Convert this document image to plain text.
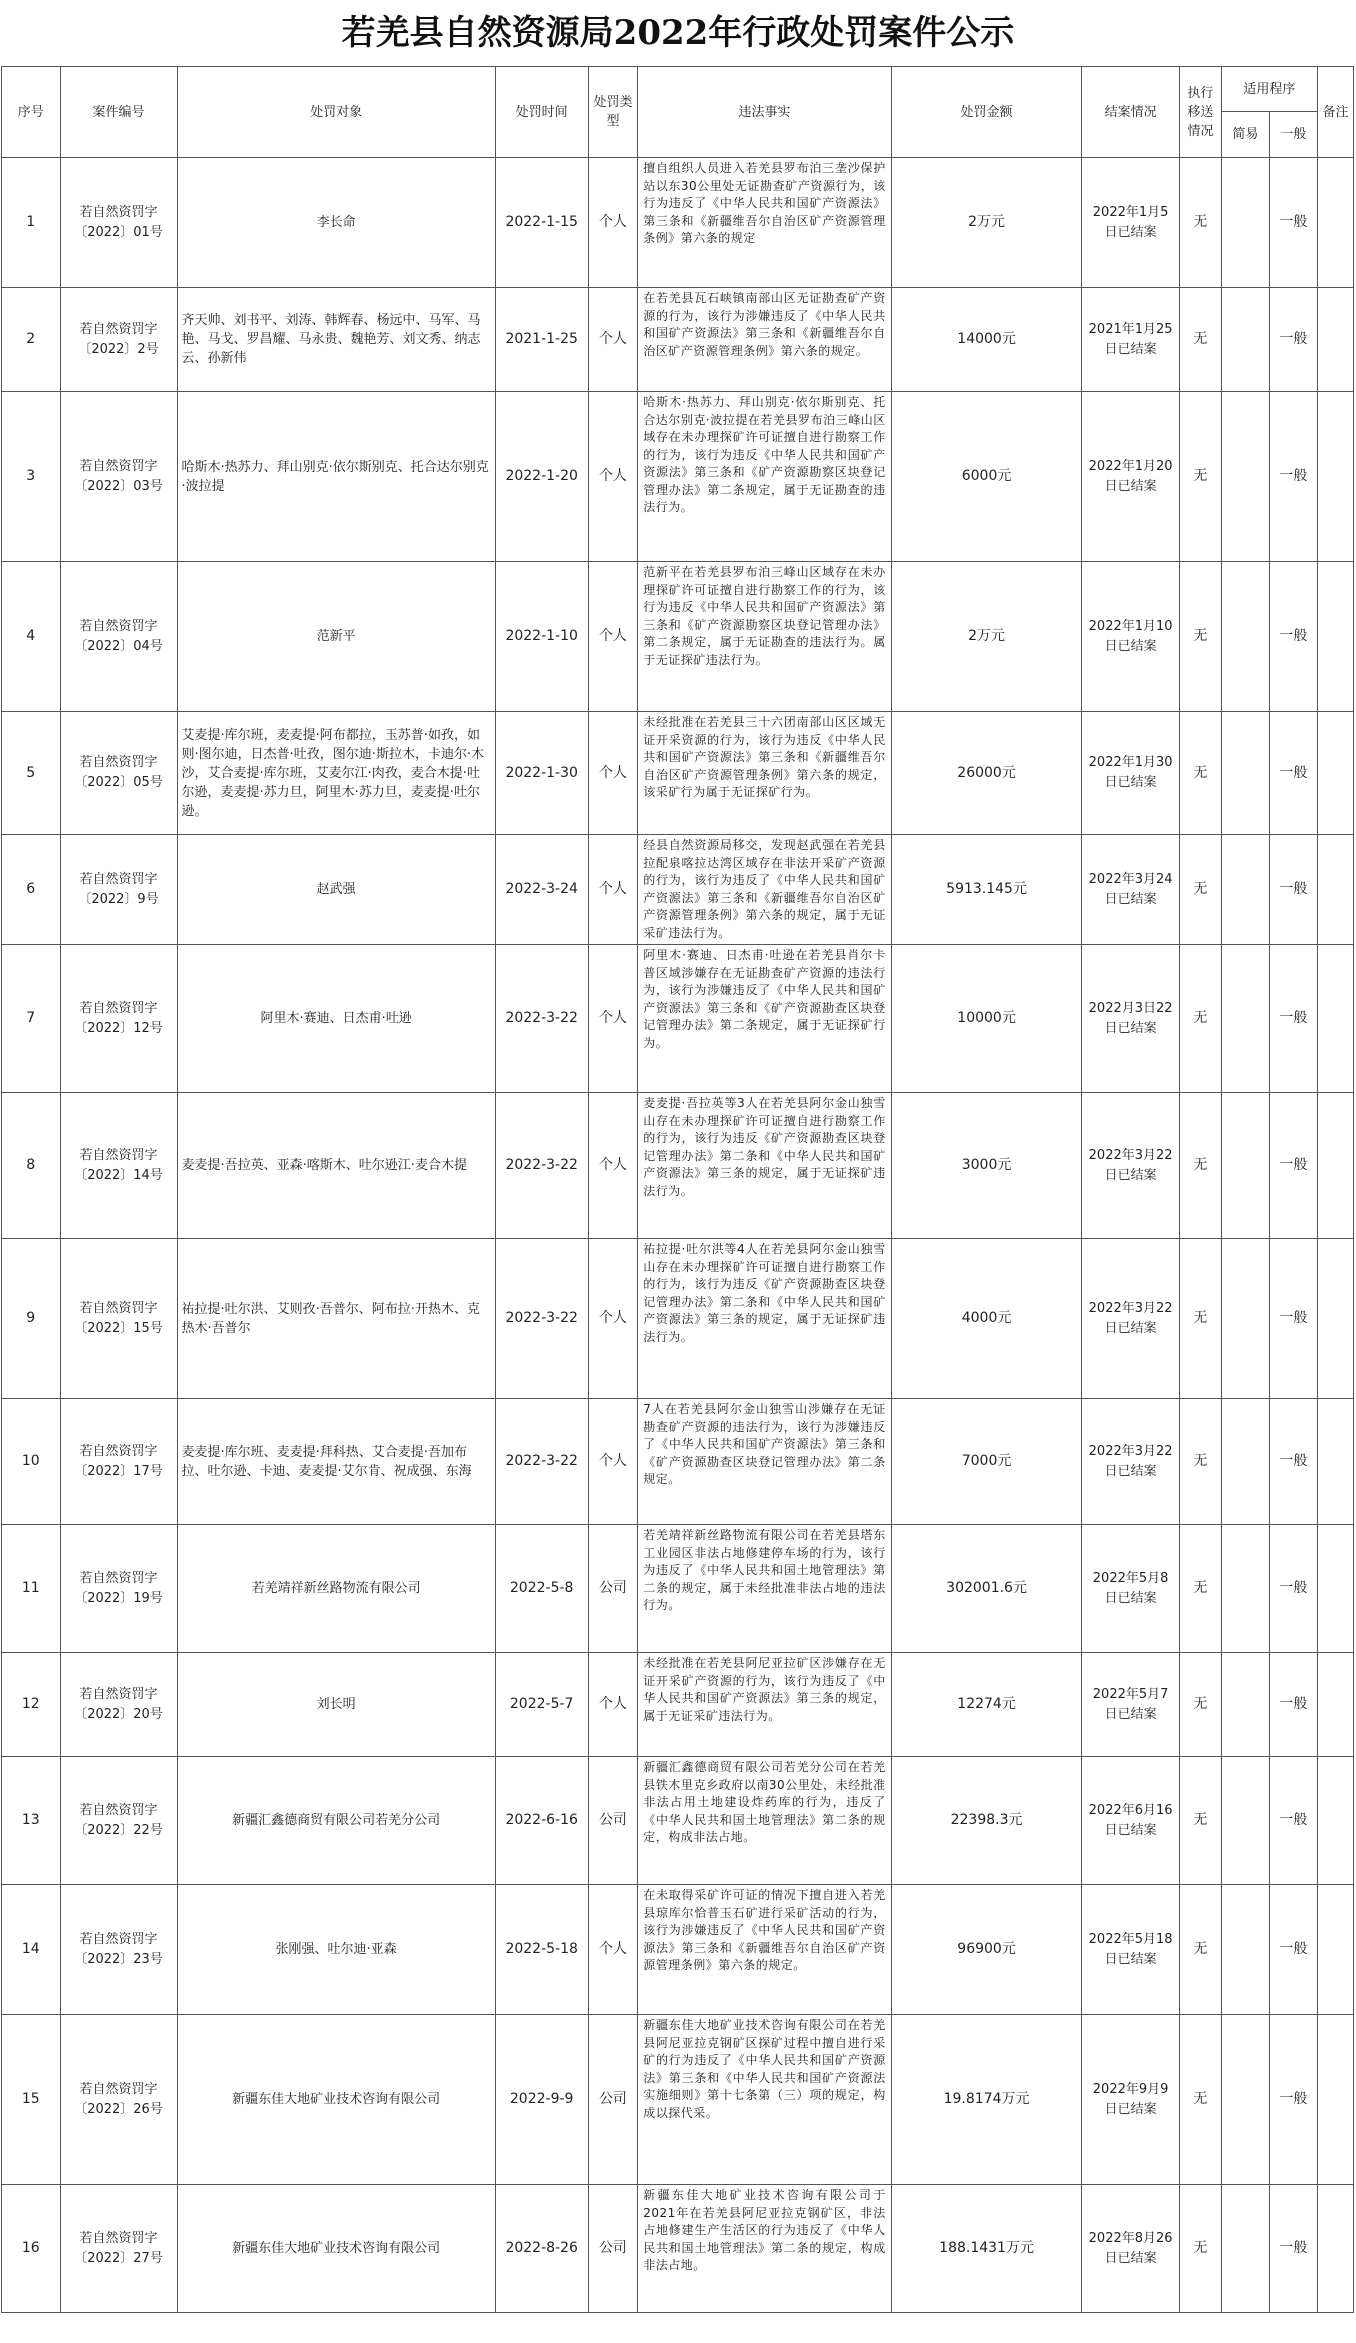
若羌县自然资源局2022年行政处罚案件公示
序号	案件编号	处罚对象	处罚时间	处罚类型	违法事实	处罚金额	结案情况	执行移送情况	适用程序		备注
									简易	一般	
1	若自然资罚字〔2022〕01号	李长命	2022-1-15	个人	擅自组织人员进入若羌县罗布泊三垄沙保护站以东30公里处无证勘查矿产资源行为，该行为违反了《中华人民共和国矿产资源法》第三条和《新疆维吾尔自治区矿产资源管理条例》第六条的规定	2万元	2022年1月5日已结案	无		一般	
2	若自然资罚字〔2022〕2号	齐天帅、刘书平、刘涛、韩辉春、杨远中、马军、马艳、马戈、罗昌耀、马永贵、魏艳芳、刘文秀、纳志云、孙新伟	2021-1-25	个人	在若羌县瓦石峡镇南部山区无证勘查矿产资源的行为，该行为涉嫌违反了《中华人民共和国矿产资源法》第三条和《新疆维吾尔自治区矿产资源管理条例》第六条的规定。	14000元	2021年1月25日已结案	无		一般	
3	若自然资罚字〔2022〕03号	哈斯木·热苏力、拜山别克·依尔斯别克、托合达尔别克·波拉提	2022-1-20	个人	哈斯木·热苏力、拜山别克·依尔斯别克、托合达尔别克·波拉提在若羌县罗布泊三峰山区域存在未办理探矿许可证擅自进行勘察工作的行为，该行为违反《中华人民共和国矿产资源法》第三条和《矿产资源勘察区块登记管理办法》第二条规定，属于无证勘查的违法行为。	6000元	2022年1月20日已结案	无		一般	
4	若自然资罚字〔2022〕04号	范新平	2022-1-10	个人	范新平在若羌县罗布泊三峰山区域存在未办理探矿许可证擅自进行勘察工作的行为，该行为违反《中华人民共和国矿产资源法》第三条和《矿产资源勘察区块登记管理办法》第二条规定，属于无证勘查的违法行为。属于无证探矿违法行为。	2万元	2022年1月10日已结案	无		一般	
5	若自然资罚字〔2022〕05号	艾麦提·库尔班，麦麦提·阿布都拉，玉苏普·如孜，如则·图尔迪，日杰普·吐孜，图尔迪·斯拉木，卡迪尔·木沙，艾合麦提·库尔班，艾麦尔江·肉孜，麦合木提·吐尔逊，麦麦提·苏力旦，阿里木·苏力旦，麦麦提·吐尔逊。	2022-1-30	个人	未经批准在若羌县三十六团南部山区区域无证开采资源的行为，该行为违反《中华人民共和国矿产资源法》第三条和《新疆维吾尔自治区矿产资源管理条例》第六条的规定，该采矿行为属于无证探矿行为。	26000元	2022年1月30日已结案	无		一般	
6	若自然资罚字〔2022〕9号	赵武强	2022-3-24	个人	经县自然资源局移交，发现赵武强在若羌县拉配泉喀拉达湾区域存在非法开采矿产资源的行为，该行为违反了《中华人民共和国矿产资源法》第三条和《新疆维吾尔自治区矿产资源管理条例》第六条的规定，属于无证采矿违法行为。	5913.145元	2022年3月24日已结案	无		一般	
7	若自然资罚字〔2022〕12号	阿里木·赛迪、日杰甫·吐逊	2022-3-22	个人	阿里木·赛迪、日杰甫·吐逊在若羌县肖尔卡普区域涉嫌存在无证勘查矿产资源的违法行为，该行为涉嫌违反了《中华人民共和国矿产资源法》第三条和《矿产资源勘查区块登记管理办法》第二条规定，属于无证探矿行为。	10000元	2022月3日22日已结案	无		一般	
8	若自然资罚字〔2022〕14号	麦麦提·吾拉英、亚森·喀斯木、吐尔逊江·麦合木提	2022-3-22	个人	麦麦提·吾拉英等3人在若羌县阿尔金山独雪山存在未办理探矿许可证擅自进行勘察工作的行为，该行为违反《矿产资源勘查区块登记管理办法》第二条和《中华人民共和国矿产资源法》第三条的规定，属于无证探矿违法行为。	3000元	2022年3月22日已结案	无		一般	
9	若自然资罚字〔2022〕15号	祐拉提·吐尔洪、艾则孜·吾普尔、阿布拉·开热木、克热木·吾普尔	2022-3-22	个人	祐拉提·吐尔洪等4人在若羌县阿尔金山独雪山存在未办理探矿许可证擅自进行勘察工作的行为，该行为违反《矿产资源勘查区块登记管理办法》第二条和《中华人民共和国矿产资源法》第三条的规定，属于无证探矿违法行为。	4000元	2022年3月22日已结案	无		一般	
10	若自然资罚字〔2022〕17号	麦麦提·库尔班、麦麦提·拜科热、艾合麦提·吾加布拉、吐尔逊、卡迪、麦麦提·艾尔肯、祝成强、东海	2022-3-22	个人	7人在若羌县阿尔金山独雪山涉嫌存在无证勘查矿产资源的违法行为，该行为涉嫌违反了《中华人民共和国矿产资源法》第三条和《矿产资源勘查区块登记管理办法》第二条规定。	7000元	2022年3月22日已结案	无		一般	
11	若自然资罚字〔2022〕19号	若羌靖祥新丝路物流有限公司	2022-5-8	公司	若羌靖祥新丝路物流有限公司在若羌县塔东工业园区非法占地修建停车场的行为，该行为违反了《中华人民共和国土地管理法》第二条的规定，属于未经批准非法占地的违法行为。	302001.6元	2022年5月8日已结案	无		一般	
12	若自然资罚字〔2022〕20号	刘长明	2022-5-7	个人	未经批准在若羌县阿尼亚拉矿区涉嫌存在无证开采矿产资源的行为，该行为违反了《中华人民共和国矿产资源法》第三条的规定，属于无证采矿违法行为。	12274元	2022年5月7日已结案	无		一般	
13	若自然资罚字〔2022〕22号	新疆汇鑫德商贸有限公司若羌分公司	2022-6-16	公司	新疆汇鑫德商贸有限公司若羌分公司在若羌县铁木里克乡政府以南30公里处，未经批准非法占用土地建设炸药库的行为，违反了《中华人民共和国土地管理法》第二条的规定，构成非法占地。	22398.3元	2022年6月16日已结案	无		一般	
14	若自然资罚字〔2022〕23号	张刚强、吐尔迪·亚森	2022-5-18	个人	在未取得采矿许可证的情况下擅自进入若羌县琼库尔恰普玉石矿进行采矿活动的行为，该行为涉嫌违反了《中华人民共和国矿产资源法》第三条和《新疆维吾尔自治区矿产资源管理条例》第六条的规定。	96900元	2022年5月18日已结案	无		一般	
15	若自然资罚字〔2022〕26号	新疆东佳大地矿业技术咨询有限公司	2022-9-9	公司	新疆东佳大地矿业技术咨询有限公司在若羌县阿尼亚拉克钢矿区探矿过程中擅自进行采矿的行为违反了《中华人民共和国矿产资源法》第三条和《中华人民共和国矿产资源法实施细则》第十七条第（三）项的规定，构成以探代采。	19.8174万元	2022年9月9日已结案	无		一般	
16	若自然资罚字〔2022〕27号	新疆东佳大地矿业技术咨询有限公司	2022-8-26	公司	新疆东佳大地矿业技术咨询有限公司于2021年在若羌县阿尼亚拉克钢矿区，非法占地修建生产生活区的行为违反了《中华人民共和国土地管理法》第二条的规定，构成非法占地。	188.1431万元	2022年8月26日已结案	无		一般	
